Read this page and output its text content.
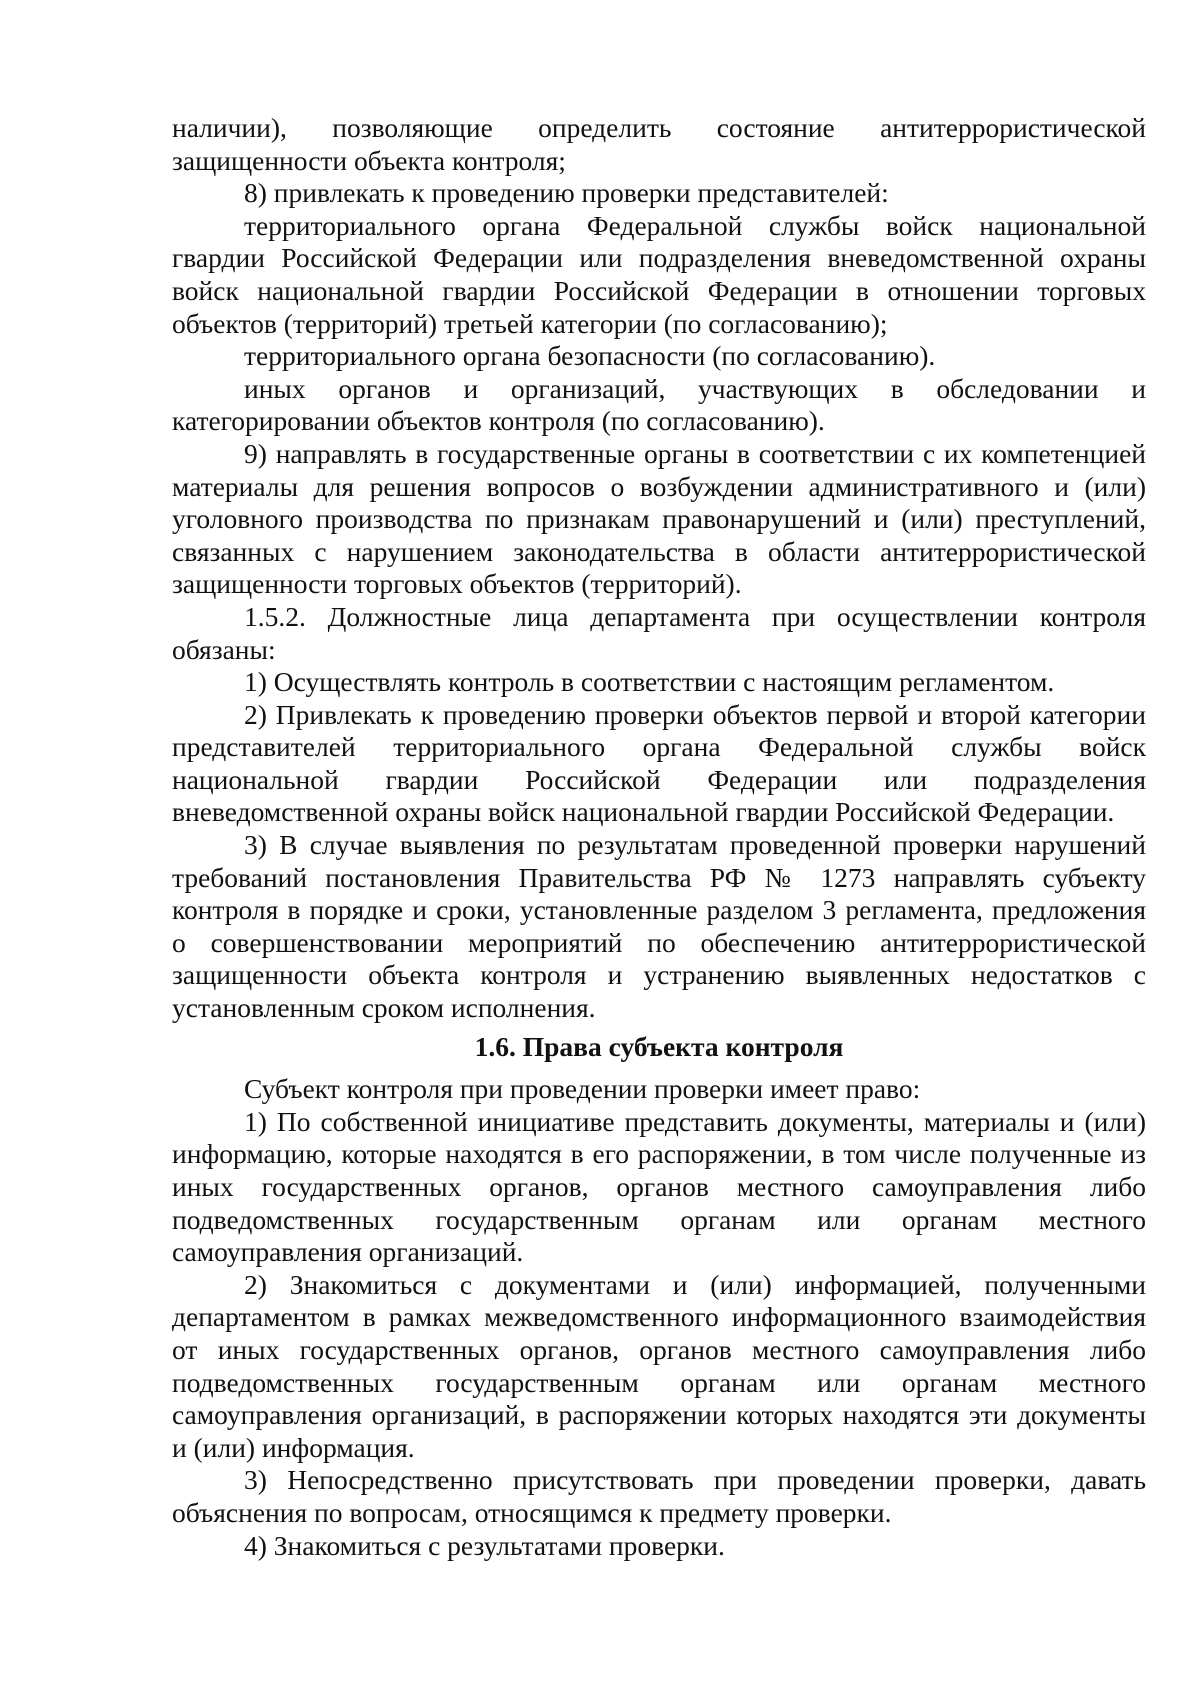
наличии), позволяющие определить состояние антитеррористической защищенности объекта контроля;

8) привлекать к проведению проверки представителей:

территориального органа Федеральной службы войск национальной гвардии Российской Федерации или подразделения вневедомственной охраны войск национальной гвардии Российской Федерации в отношении торговых объектов (территорий) третьей категории (по согласованию);

территориального органа безопасности (по согласованию).

иных органов и организаций, участвующих в обследовании и категорировании объектов контроля (по согласованию).

9) направлять в государственные органы в соответствии с их компетенцией материалы для решения вопросов о возбуждении административного и (или) уголовного производства по признакам правонарушений и (или) преступлений, связанных с нарушением законодательства в области антитеррористической защищенности торговых объектов (территорий).

1.5.2. Должностные лица департамента при осуществлении контроля обязаны:

1) Осуществлять контроль в соответствии с настоящим регламентом.

2) Привлекать к проведению проверки объектов первой и второй категории представителей территориального органа Федеральной службы войск национальной гвардии Российской Федерации или подразделения вневедомственной охраны войск национальной гвардии Российской Федерации.

3) В случае выявления по результатам проведенной проверки нарушений требований постановления Правительства РФ № 1273 направлять субъекту контроля в порядке и сроки, установленные разделом 3 регламента, предложения о совершенствовании мероприятий по обеспечению антитеррористической защищенности объекта контроля и устранению выявленных недостатков с установленным сроком исполнения.

1.6. Права субъекта контроля

Субъект контроля при проведении проверки имеет право:

1) По собственной инициативе представить документы, материалы и (или) информацию, которые находятся в его распоряжении, в том числе полученные из иных государственных органов, органов местного самоуправления либо подведомственных государственным органам или органам местного самоуправления организаций.

2) Знакомиться с документами и (или) информацией, полученными департаментом в рамках межведомственного информационного взаимодействия от иных государственных органов, органов местного самоуправления либо подведомственных государственным органам или органам местного самоуправления организаций, в распоряжении которых находятся эти документы и (или) информация.

3) Непосредственно присутствовать при проведении проверки, давать объяснения по вопросам, относящимся к предмету проверки.

4) Знакомиться с результатами проверки.
